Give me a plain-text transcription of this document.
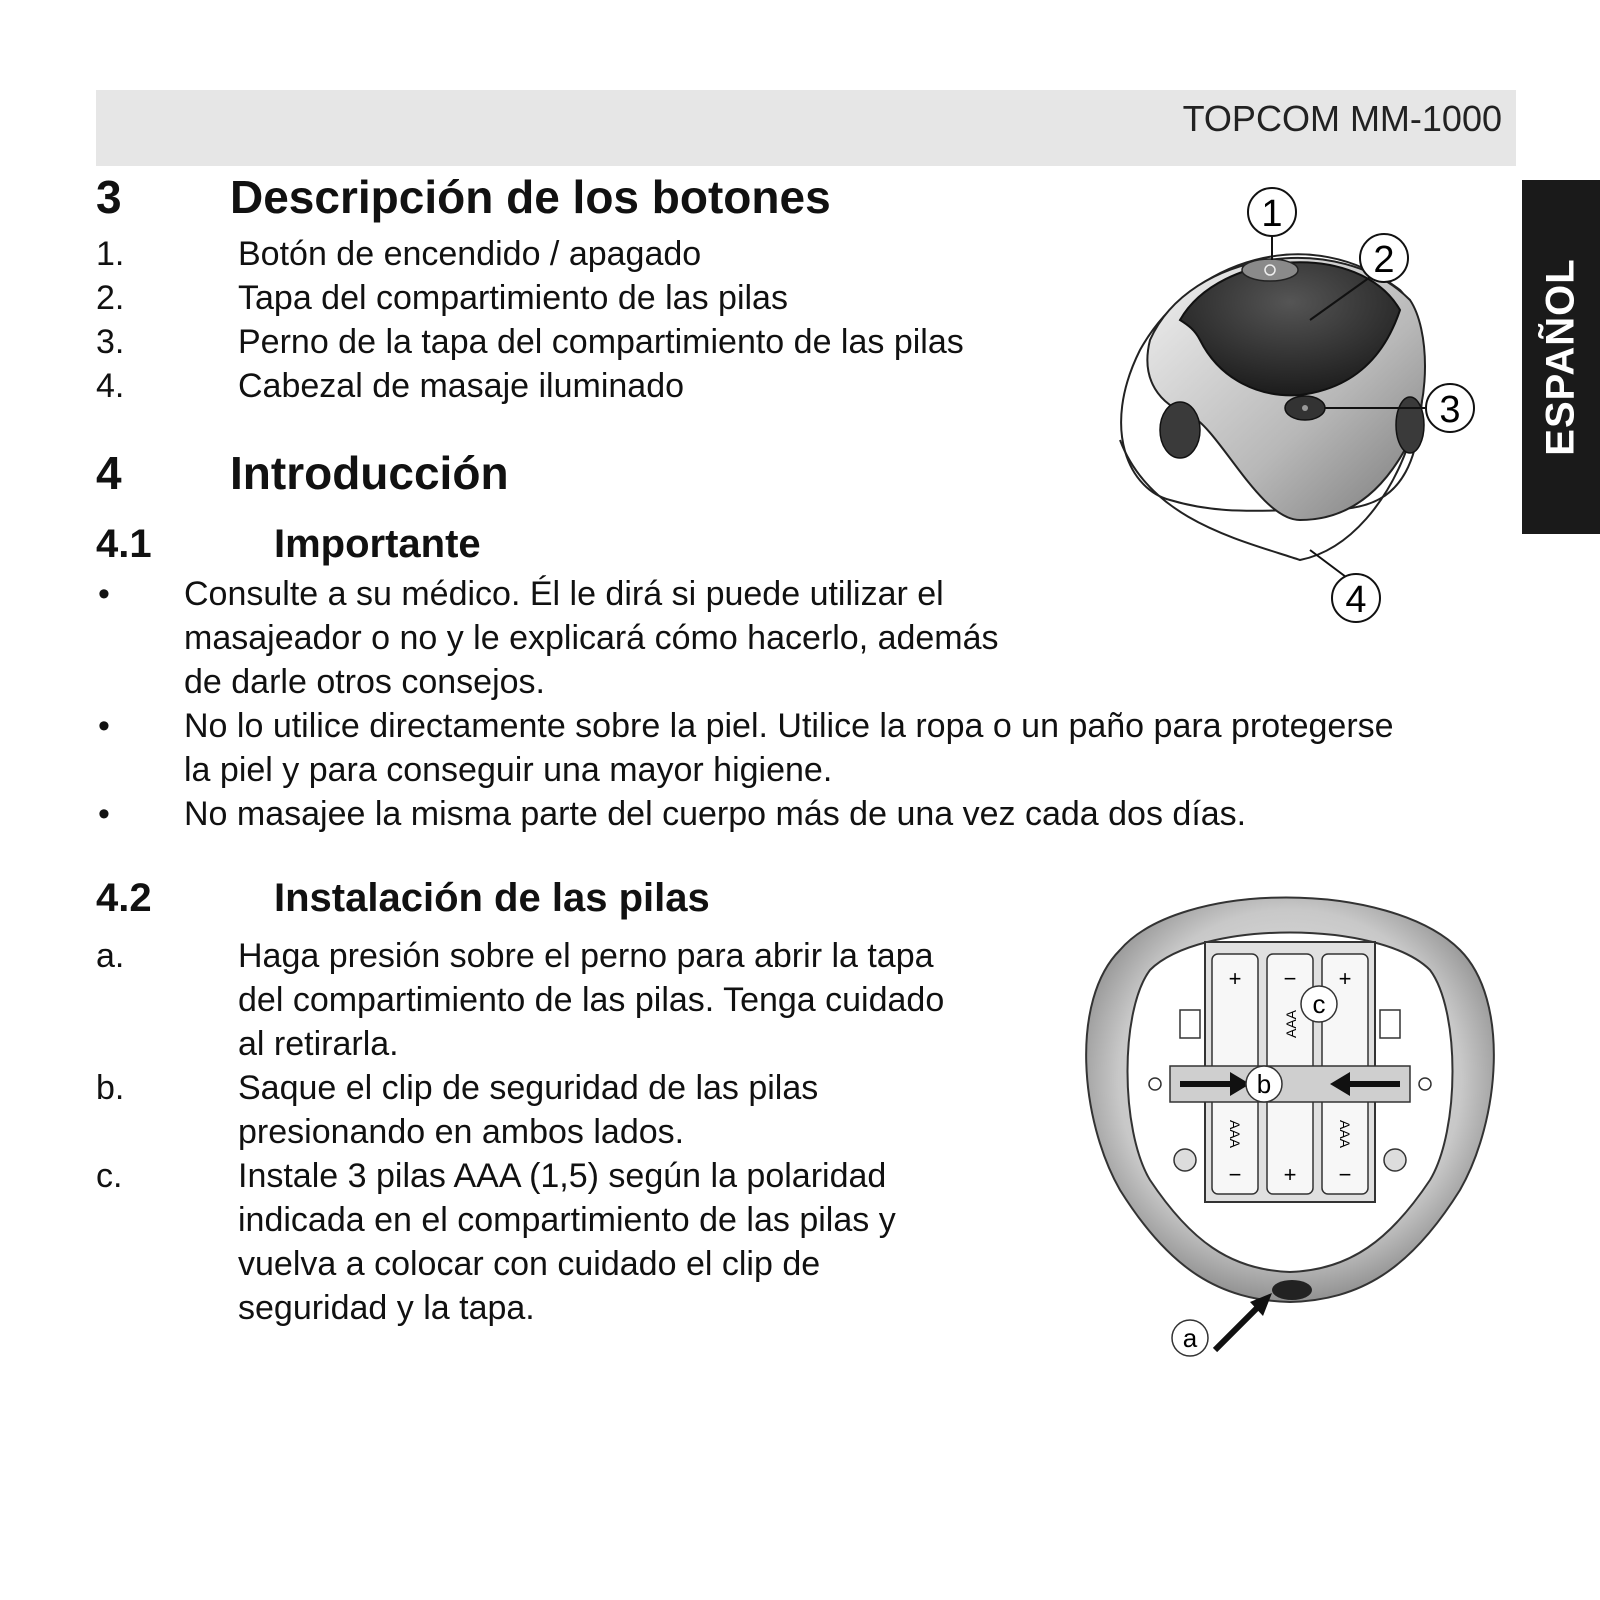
TOPCOM MM-1000
ESPAÑOL
3 Descripción de los botones
1.	Botón de encendido / apagado
2.	Tapa del compartimiento de las pilas
3.	Perno de la tapa del compartimiento de las pilas
4.	Cabezal de masaje iluminado
4 Introducción
4.1	Importante
• Consulte a su médico. Él le dirá si puede utilizar el
masajeador o no y le explicará cómo hacerlo, además
de darle otros consejos.
• No lo utilice directamente sobre la piel. Utilice la ropa o un paño para protegerse
la piel y para conseguir una mayor higiene.
• No masajee la misma parte del cuerpo más de una vez cada dos días.
4.2	Instalación de las pilas
a.	Haga presión sobre el perno para abrir la tapa
del compartimiento de las pilas. Tenga cuidado
al retirarla.
b.	Saque el clip de seguridad de las pilas
presionando en ambos lados.
c.	Instale 3 pilas AAA (1,5) según la polaridad
indicada en el compartimiento de las pilas y
vuelva a colocar con cuidado el clip de
seguridad y la tapa.
1
2
3
4
+
−
−
+
+
−
AAA
AAA
AAA
a
b
c
